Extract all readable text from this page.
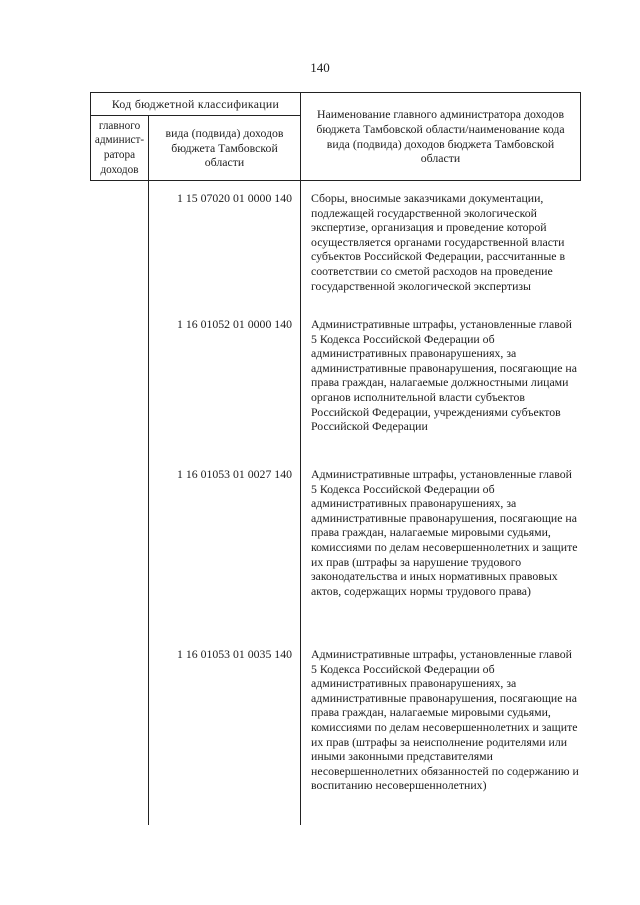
140
Код бюджетной классификации		Наименование главного администратора доходов бюджета Тамбовской области/наименование кода вида (подвида) доходов бюджета Тамбовской области
главного админист-ратора доходов	вида (подвида) доходов бюджета Тамбовской области	
	1 15 07020 01 0000 140	Сборы, вносимые заказчиками документации, подлежащей государственной экологической экспертизе, организация и проведение которой осуществляется органами государственной власти субъектов Российской Федерации, рассчитанные в соответствии со сметой расходов на проведение государственной экологической экспертизы
	1 16 01052 01 0000 140	Административные штрафы, установленные главой 5 Кодекса Российской Федерации об административных правонарушениях, за административные правонарушения, посягающие на права граждан, налагаемые должностными лицами органов исполнительной власти субъектов Российской Федерации, учреждениями субъектов Российской Федерации
	1 16 01053 01 0027 140	Административные штрафы, установленные главой 5 Кодекса Российской Федерации об административных правонарушениях, за административные правонарушения, посягающие на права граждан, налагаемые мировыми судьями, комиссиями по делам несовершеннолетних и защите их прав (штрафы за нарушение трудового законодательства и иных нормативных правовых актов, содержащих нормы трудового права)
	1 16 01053 01 0035 140	Административные штрафы, установленные главой 5 Кодекса Российской Федерации об административных правонарушениях, за административные правонарушения, посягающие на права граждан, налагаемые мировыми судьями, комиссиями по делам несовершеннолетних и защите их прав (штрафы за неисполнение родителями или иными законными представителями несовершеннолетних обязанностей по содержанию и воспитанию несовершеннолетних)
